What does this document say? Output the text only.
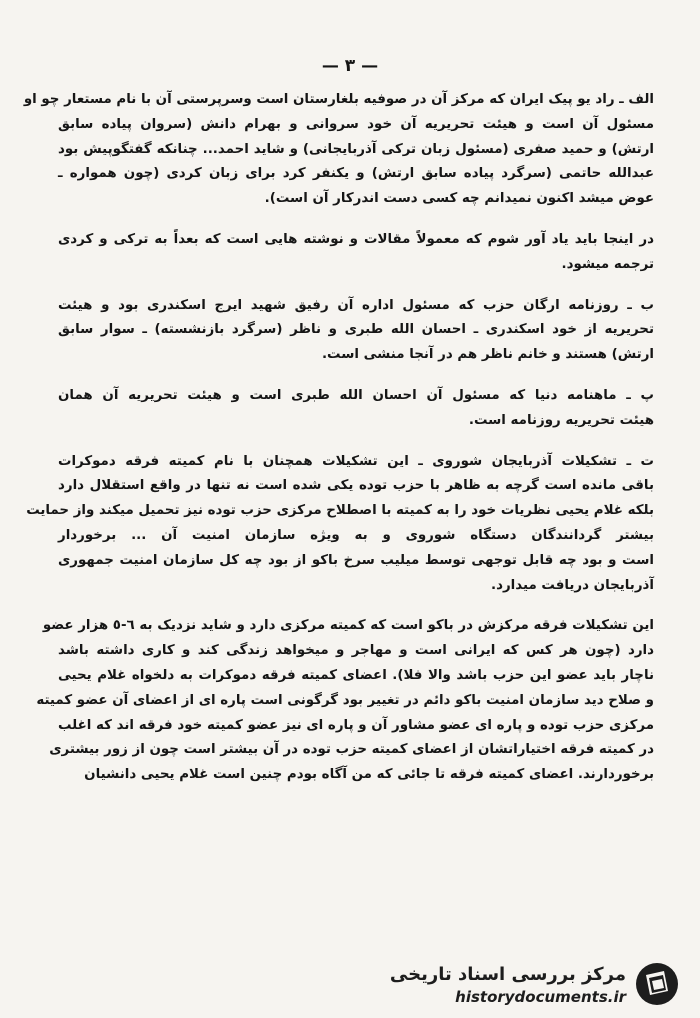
— ٣ —
الف ـ راد یو پیک ایران که مرکز آن در صوفیه بلغارستان است وسرپرستی آن با نام مستعار چو او
مسئول آن است و هیئت تحریریه آن خود سروانی و بهرام دانش (سروان پیاده سابق
ارتش) و حمید صفری (مسئول زبان ترکی آذربایجانی) و شاید احمد... چنانکه گفتگوپیش بود
عبدالله حاتمی (سرگرد پیاده سابق ارتش) و یکنفر کرد برای زبان کردی (چون همواره ـ
عوض میشد اکنون نمیدانم چه کسی دست اندرکار آن است).
در اینجا باید یاد آور شوم که معمولاً مقالات و نوشته هایی است که بعداً به ترکی و کردی
ترجمه میشود.
ب ـ روزنامه ارگان حزب که مسئول اداره آن رفیق شهید ایرج اسکندری بود و هیئت
تحریریه از خود اسکندری ـ احسان الله طبری و ناظر (سرگرد بازنشسته) ـ سوار سابق
ارتش) هستند و خانم ناظر هم در آنجا منشی است.
پ ـ ماهنامه دنیا که مسئول آن احسان الله طبری است و هیئت تحریریه آن همان
هیئت تحریریه روزنامه است.
ت ـ تشکیلات آذربایجان شوروی ـ این تشکیلات همچنان با نام کمیته فرقه دموکرات
باقی مانده است گرچه به ظاهر با حزب توده یکی شده است نه تنها در واقع استقلال دارد
بلکه غلام یحیی نظریات خود را به کمیته با اصطلاح مرکزی حزب توده نیز تحمیل میکند واز حمایت
بیشتر گردانندگان دستگاه شوروی و به ویژه سازمان امنیت آن ... برخوردار
است و بود چه قابل توجهی توسط میلیب سرخ باکو از بود چه کل سازمان امنیت جمهوری
آذربایجان دریافت میدارد.
این تشکیلات فرقه مرکزش در باکو است که کمیته مرکزی دارد و شاید نزدیک به ٦-٥ هزار عضو
دارد (چون هر کس که ایرانی است و مهاجر و میخواهد زندگی کند و کاری داشته باشد
ناچار باید عضو این حزب باشد والا فلا). اعضای کمیته فرقه دموکرات به دلخواه غلام یحیی
و صلاح دید سازمان امنیت باکو دائم در تغییر بود گرگونی است پاره ای از اعضای آن عضو کمیته
مرکزی حزب توده و پاره ای عضو مشاور آن و پاره ای نیز عضو کمیته خود فرقه اند که اغلب
در کمیته فرقه اختیاراتشان از اعضای کمیته حزب توده در آن بیشتر است چون از زور بیشتری
برخوردارند. اعضای کمیته فرقه تا جائی که من آگاه بودم چنین است غلام یحیی دانشیان
مرکز بررسی اسناد تاریخی
historydocuments.ir
